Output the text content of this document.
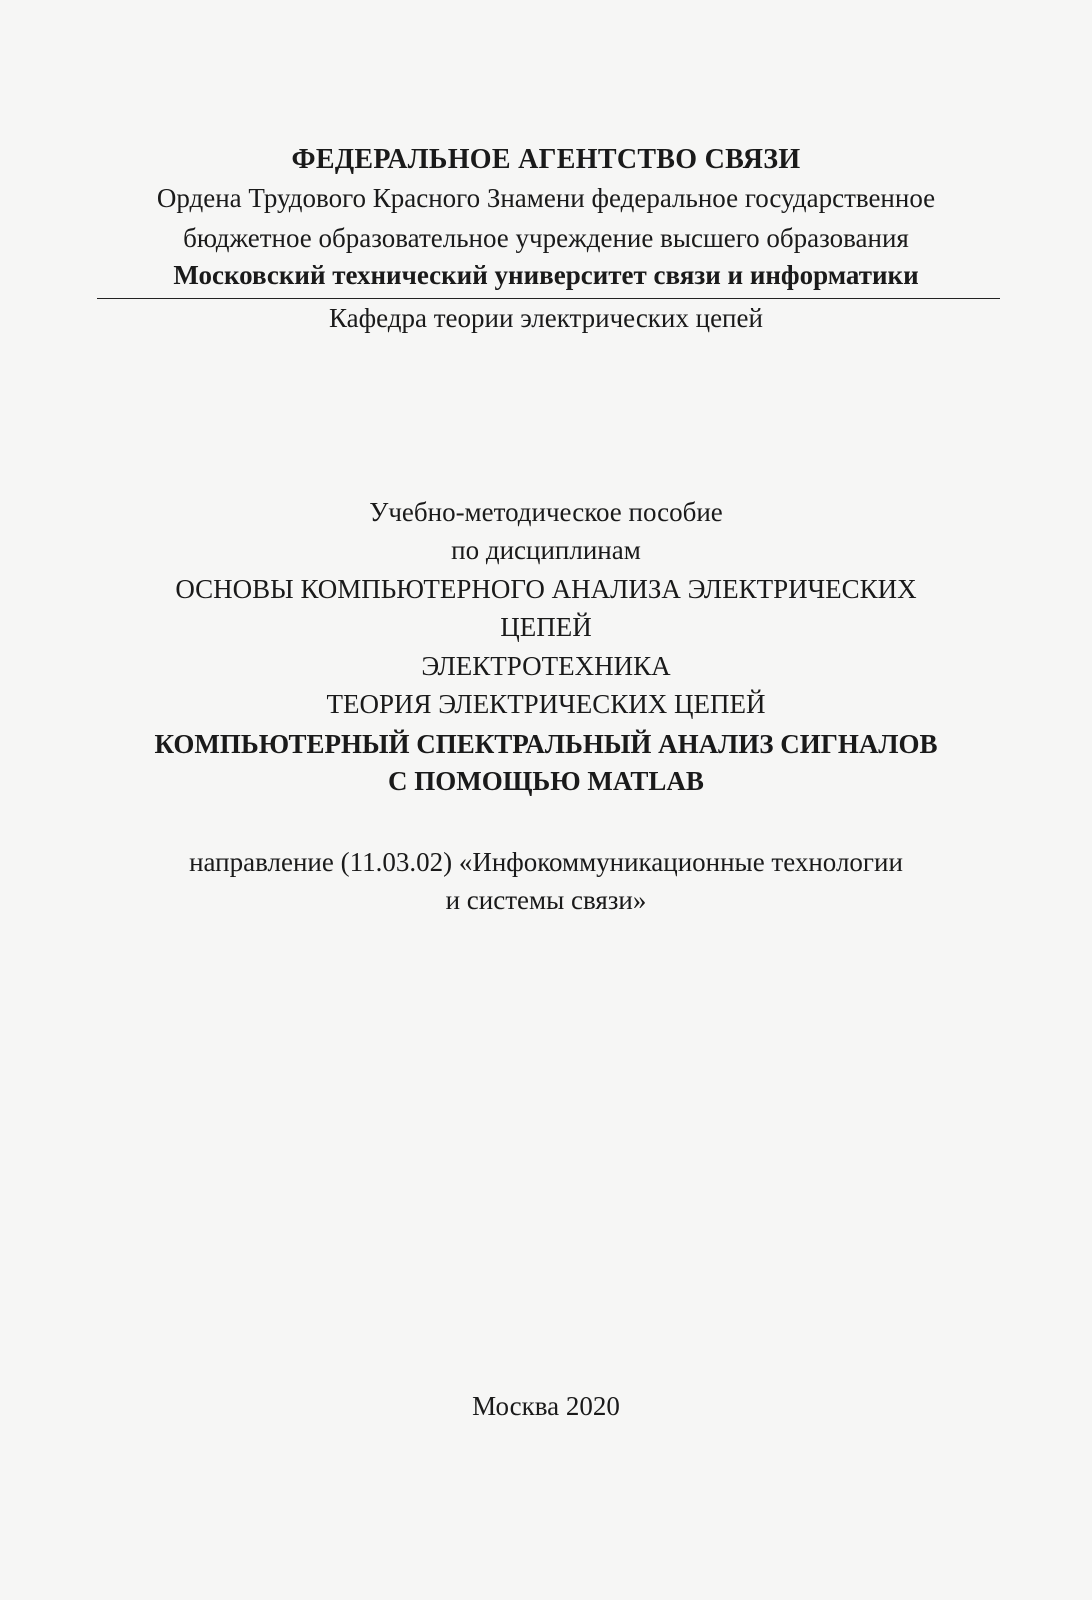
ФЕДЕРАЛЬНОЕ АГЕНТСТВО СВЯЗИ
Ордена Трудового Красного Знамени федеральное государственное
бюджетное образовательное учреждение высшего образования
Московский технический университет связи и информатики
Кафедра теории электрических цепей
Учебно-методическое пособие
по дисциплинам
ОСНОВЫ КОМПЬЮТЕРНОГО АНАЛИЗА ЭЛЕКТРИЧЕСКИХ
ЦЕПЕЙ
ЭЛЕКТРОТЕХНИКА
ТЕОРИЯ ЭЛЕКТРИЧЕСКИХ ЦЕПЕЙ
КОМПЬЮТЕРНЫЙ СПЕКТРАЛЬНЫЙ АНАЛИЗ СИГНАЛОВ
С ПОМОЩЬЮ MATLAB
направление (11.03.02) «Инфокоммуникационные технологии
и системы связи»
Москва 2020
